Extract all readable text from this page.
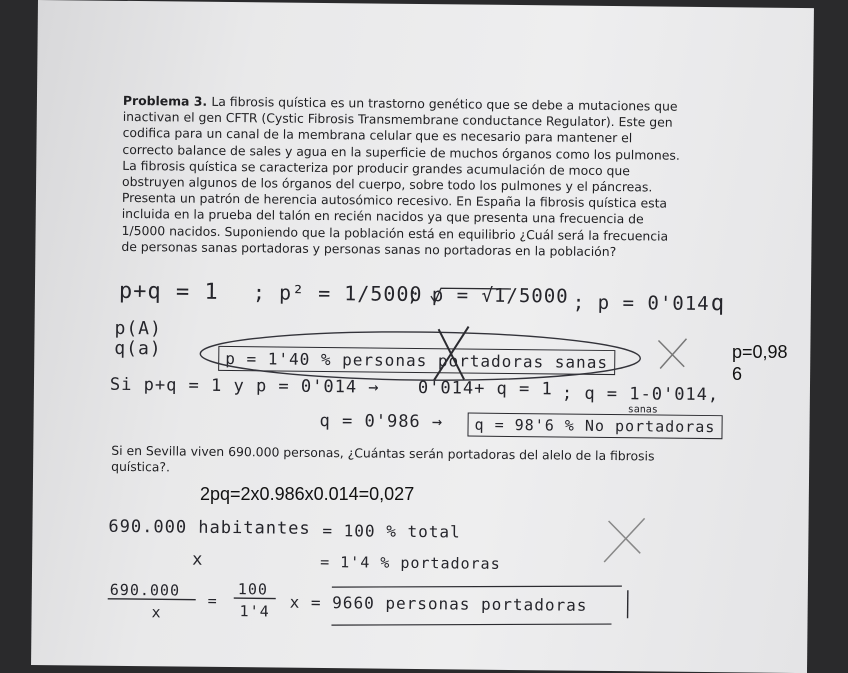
Problema 3. La fibrosis quística es un trastorno genético que se debe a mutaciones que inactivan el gen CFTR (Cystic Fibrosis Transmembrane conductance Regulator). Este gen codifica para un canal de la membrana celular que es necesario para mantener el correcto balance de sales y agua en la superficie de muchos órganos como los pulmones. La fibrosis quística se caracteriza por producir grandes acumulación de moco que obstruyen algunos de los órganos del cuerpo, sobre todo los pulmones y el páncreas. Presenta un patrón de herencia autosómico recesivo. En España la fibrosis quística esta incluida en la prueba del talón en recién nacidos ya que presenta una frecuencia de 1/5000 nacidos. Suponiendo que la población está en equilibrio ¿Cuál será la frecuencia de personas sanas portadoras y personas sanas no portadoras en la población?
Si en Sevilla viven 690.000 personas, ¿Cuántas serán portadoras del alelo de la fibrosis quística?.
p+q = 1 ; p² = 1/5000
; p = √1/5000 ; p = 0'014 q
p(A)
q(a)
p = 1'40 % personas portadoras sanas
Si p+q = 1 y p = 0'014 → 0'014+ q = 1 ; q = 1-0'014,
q = 0'986 →
sanas
q = 98'6 % No portadoras
690.000 habitantes = 100 % total
x	= 1'4 % portadoras
690.000
x
=
100
1'4 x = 9660 personas portadoras
p=0,98
6
2pq=2x0.986x0.014=0,027
